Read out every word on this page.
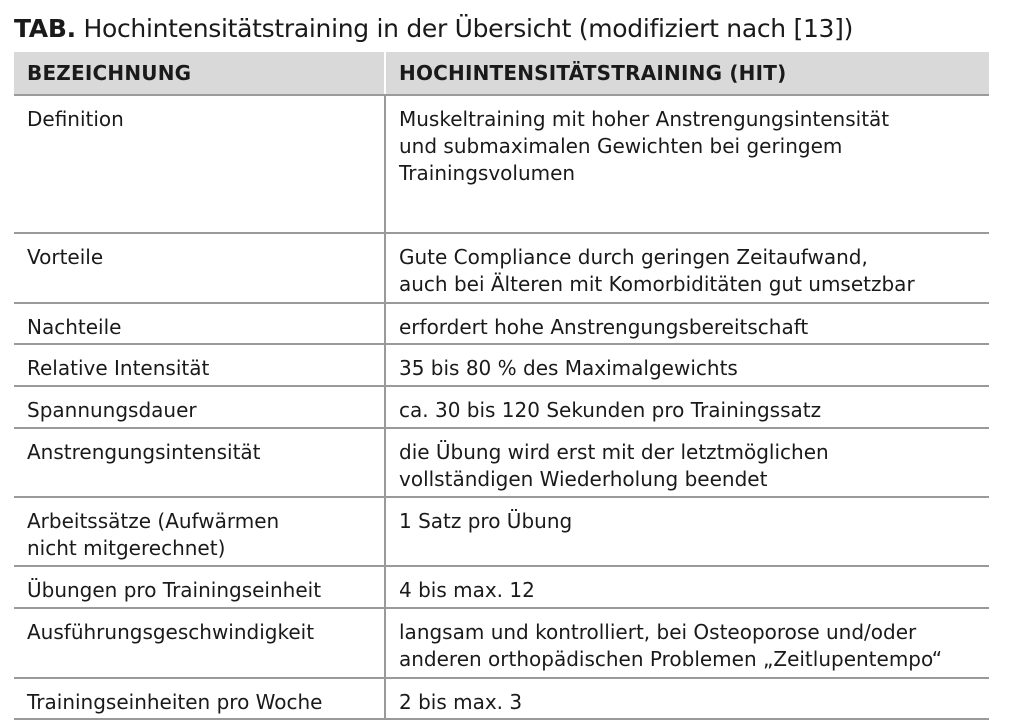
TAB. Hochintensitätstraining in der Übersicht (modifiziert nach [13])
BEZEICHNUNG	HOCHINTENSITÄTSTRAINING (HIT)
Definition	Muskeltraining mit hoher Anstrengungsintensität
und submaximalen Gewichten bei geringem
Trainingsvolumen
Vorteile	Gute Compliance durch geringen Zeitaufwand,
auch bei Älteren mit Komorbiditäten gut umsetzbar
Nachteile	erfordert hohe Anstrengungsbereitschaft
Relative Intensität	35 bis 80 % des Maximalgewichts
Spannungsdauer	ca. 30 bis 120 Sekunden pro Trainingssatz
Anstrengungsintensität	die Übung wird erst mit der letztmöglichen
vollständigen Wiederholung beendet
Arbeitssätze (Aufwärmen
nicht mitgerechnet)	1 Satz pro Übung
Übungen pro Trainingseinheit	4 bis max. 12
Ausführungsgeschwindigkeit	langsam und kontrolliert, bei Osteoporose und/oder
anderen orthopädischen Problemen „Zeitlupentempo“
Trainingseinheiten pro Woche	2 bis max. 3
